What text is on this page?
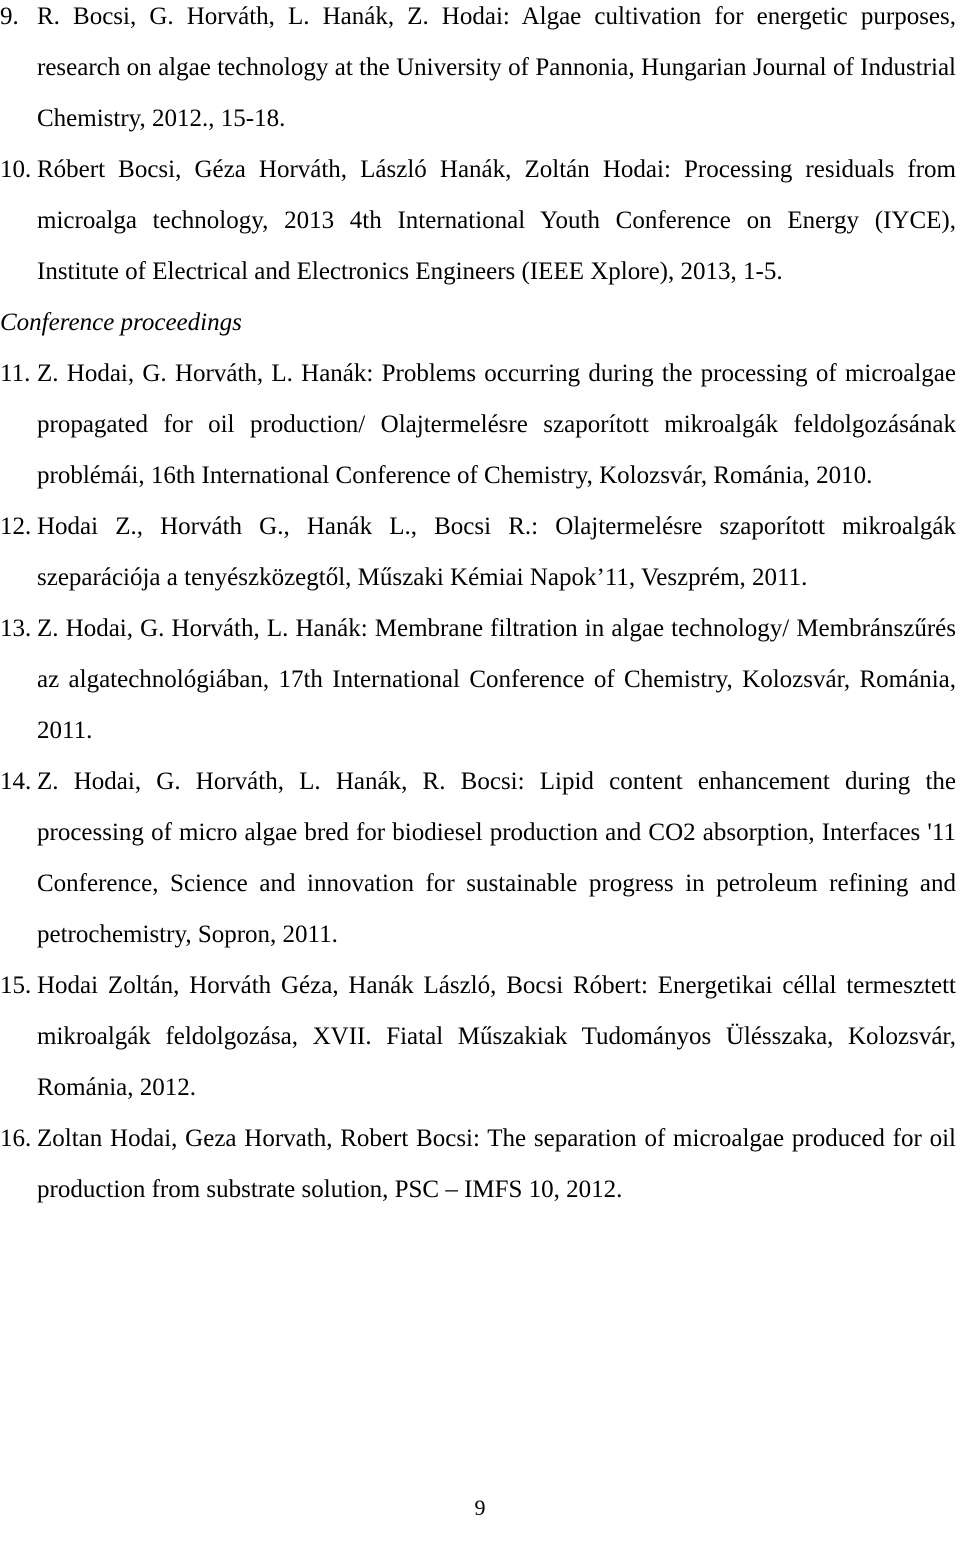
9. R. Bocsi, G. Horváth, L. Hanák, Z. Hodai: Algae cultivation for energetic purposes, research on algae technology at the University of Pannonia, Hungarian Journal of Industrial Chemistry, 2012., 15-18.

10. Róbert Bocsi, Géza Horváth, László Hanák, Zoltán Hodai: Processing residuals from microalga technology, 2013 4th International Youth Conference on Energy (IYCE), Institute of Electrical and Electronics Engineers (IEEE Xplore), 2013, 1-5.

Conference proceedings

11. Z. Hodai, G. Horváth, L. Hanák: Problems occurring during the processing of microalgae propagated for oil production/ Olajtermelésre szaporított mikroalgák feldolgozásának problémái, 16th International Conference of Chemistry, Kolozsvár, Románia, 2010.

12. Hodai Z., Horváth G., Hanák L., Bocsi R.: Olajtermelésre szaporított mikroalgák szeparációja a tenyészközegtől, Műszaki Kémiai Napok’11, Veszprém, 2011.

13. Z. Hodai, G. Horváth, L. Hanák: Membrane filtration in algae technology/ Membránszűrés az algatechnológiában, 17th International Conference of Chemistry, Kolozsvár, Románia, 2011.

14. Z. Hodai, G. Horváth, L. Hanák, R. Bocsi: Lipid content enhancement during the processing of micro algae bred for biodiesel production and CO2 absorption, Interfaces '11 Conference, Science and innovation for sustainable progress in petroleum refining and petrochemistry, Sopron, 2011.

15. Hodai Zoltán, Horváth Géza, Hanák László, Bocsi Róbert: Energetikai céllal termesztett mikroalgák feldolgozása, XVII. Fiatal Műszakiak Tudományos Ülésszaka, Kolozsvár, Románia, 2012.

16. Zoltan Hodai, Geza Horvath, Robert Bocsi: The separation of microalgae produced for oil production from substrate solution, PSC – IMFS 10, 2012.

9
